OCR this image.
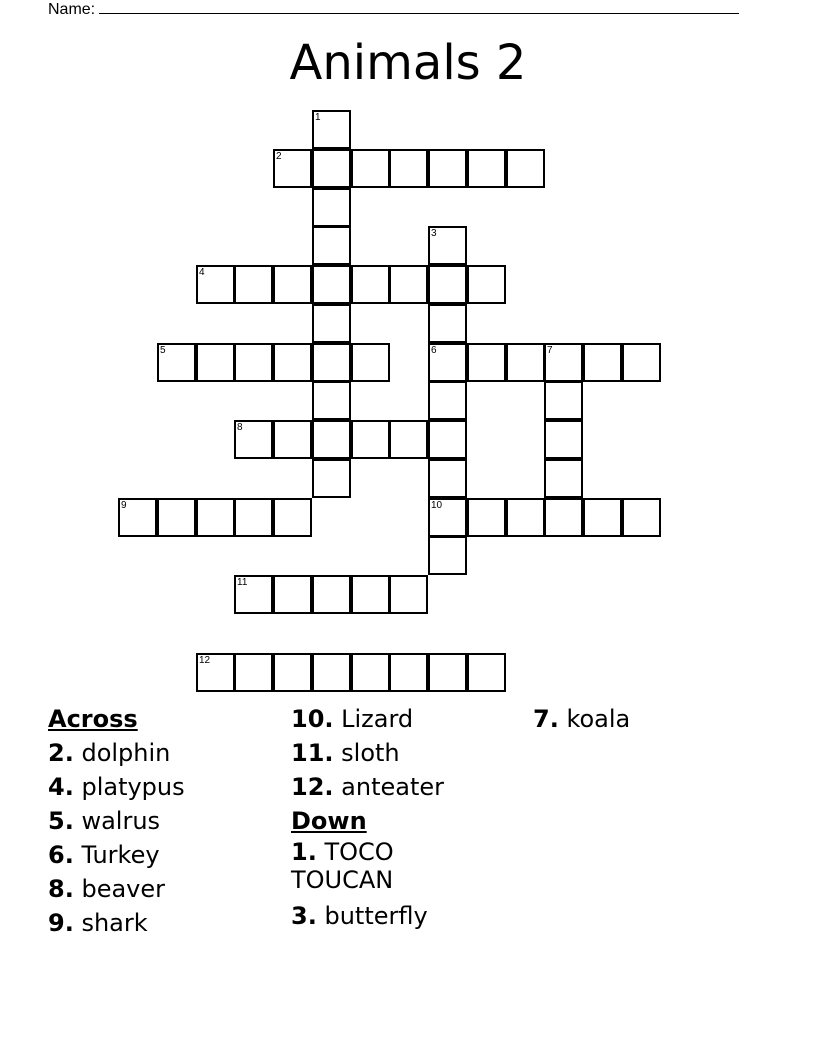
Name:
Animals 2
1
2
3
6
10
4
5	7
8
9
11
12
Across
2. dolphin
4. platypus
5. walrus
6. Turkey
8. beaver
9. shark
10. Lizard
11. sloth
12. anteater
Down
1. TOCO TOUCAN
3. butterfly
7. koala
